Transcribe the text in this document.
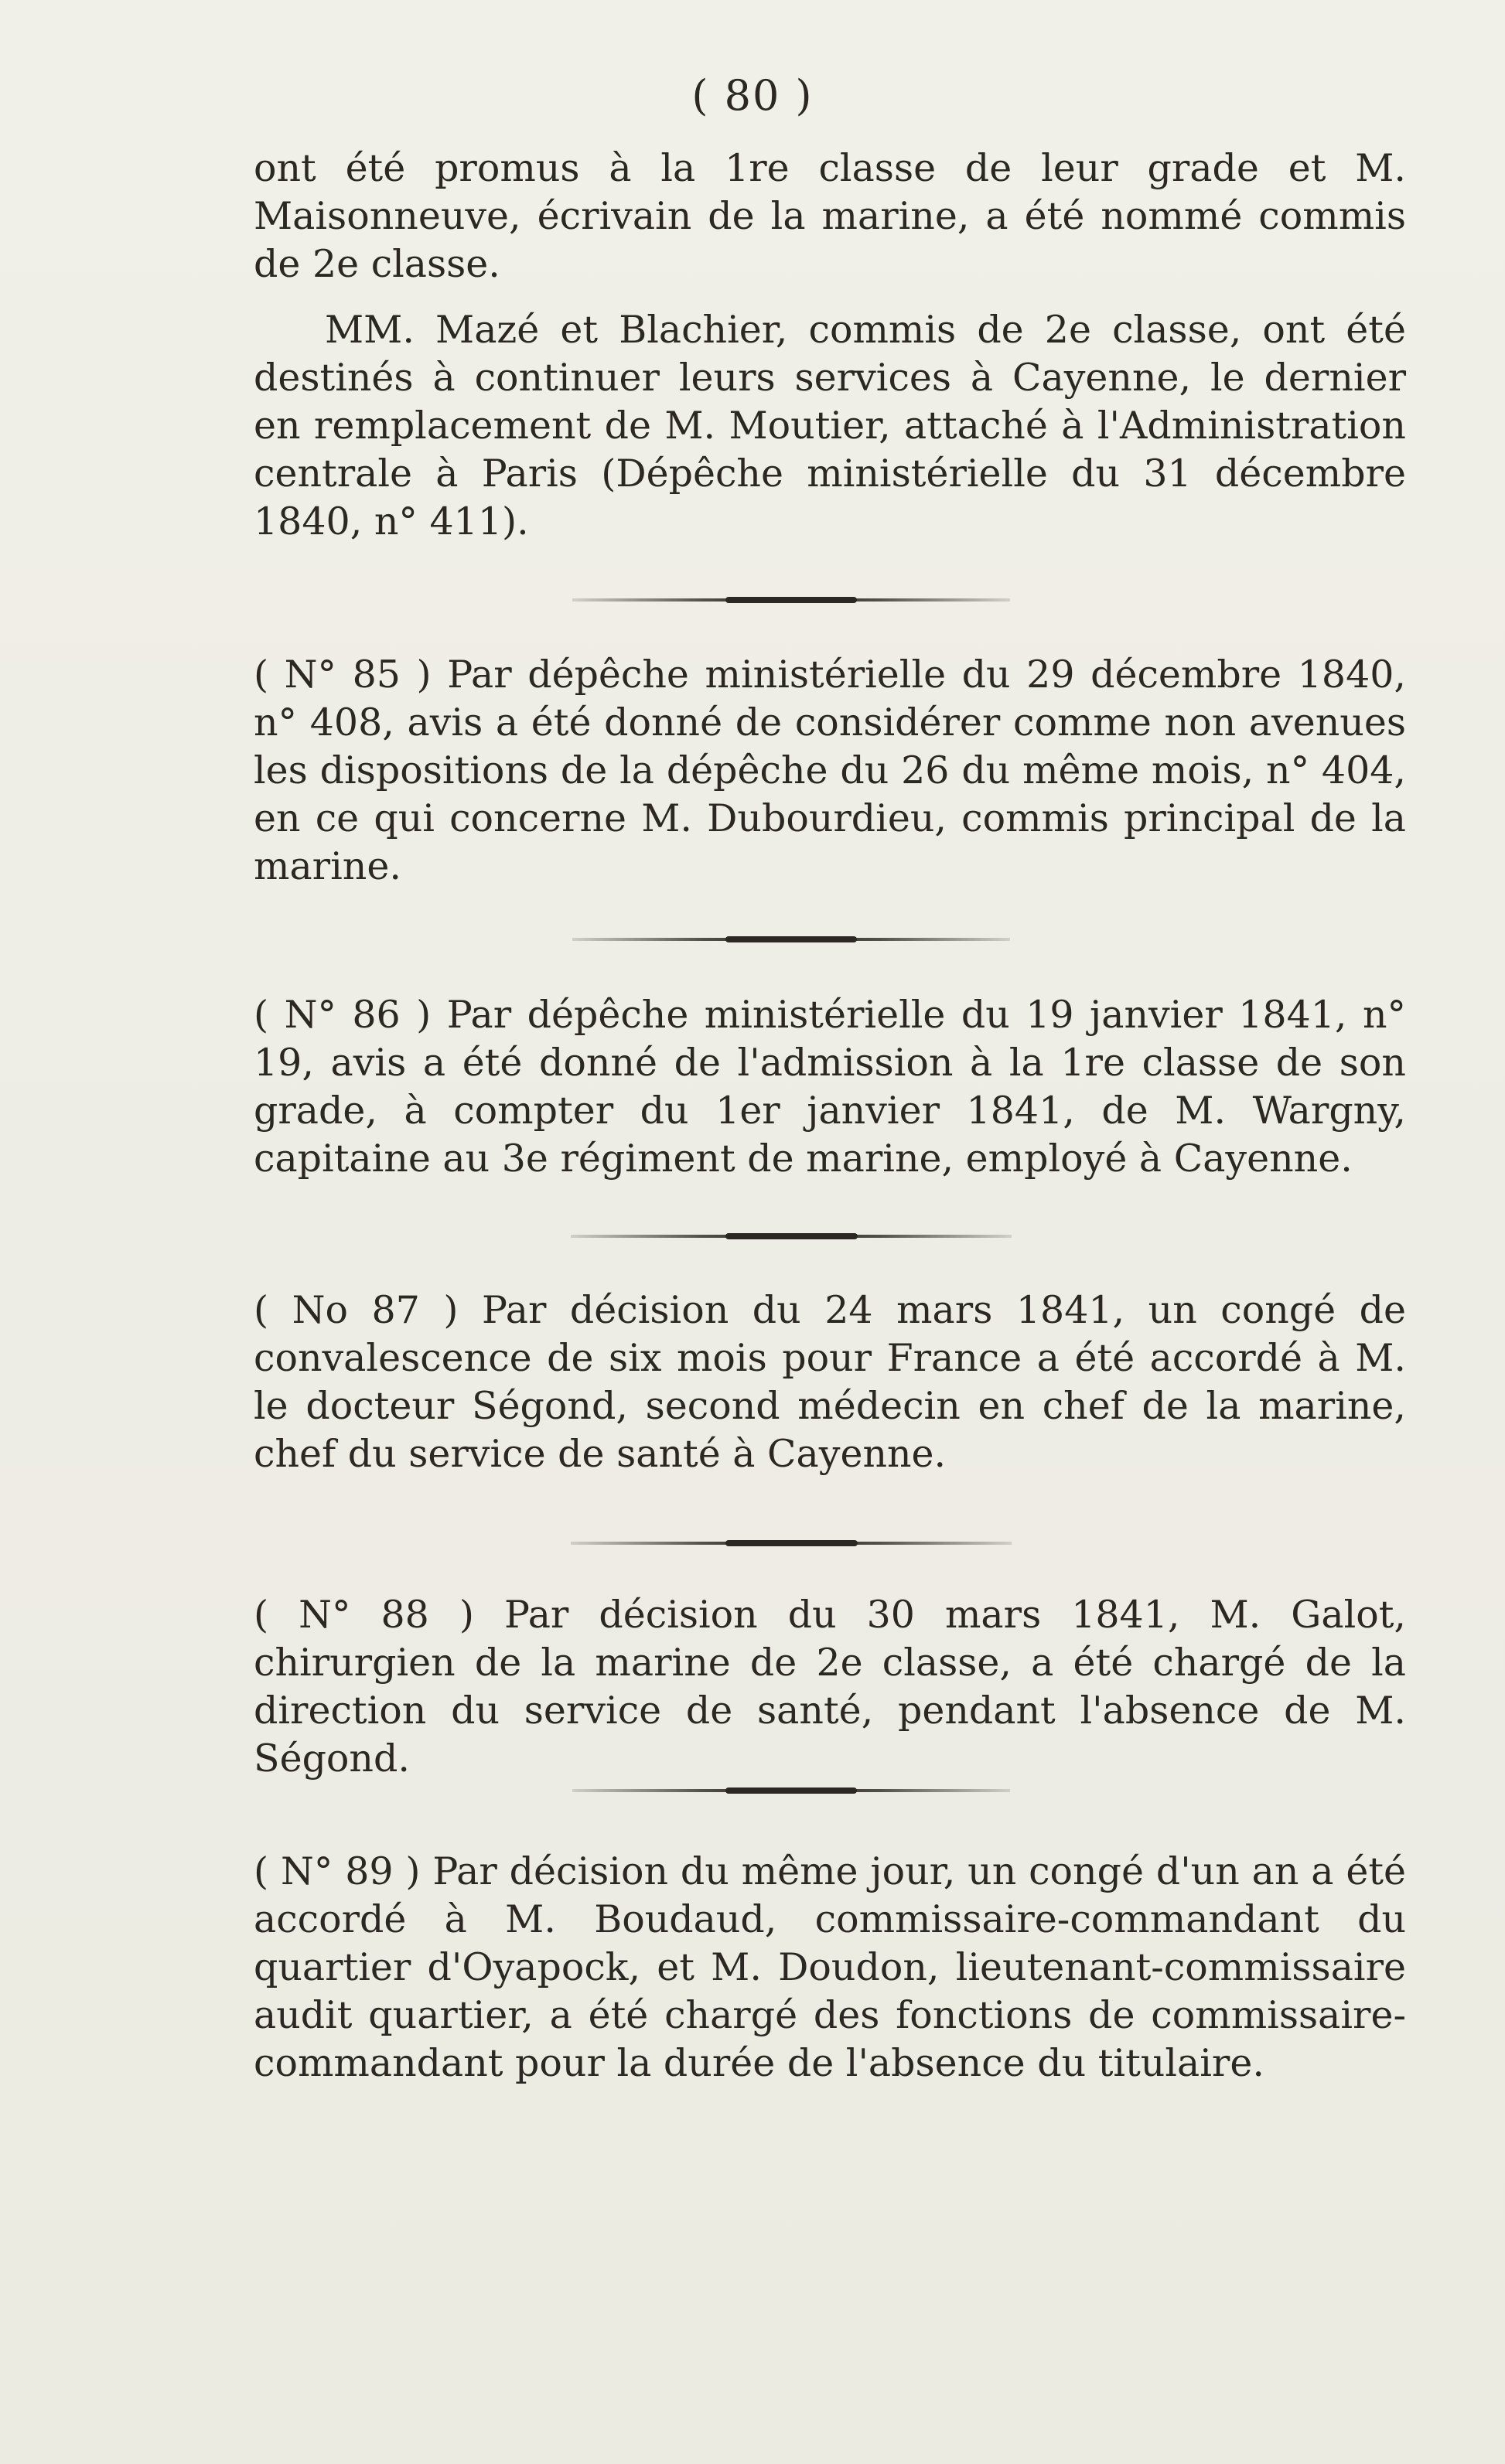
( 80 )

ont été promus à la 1re classe de leur grade et M. Maisonneuve, écrivain de la marine, a été nommé commis de 2e classe.

MM. Mazé et Blachier, commis de 2e classe, ont été destinés à continuer leurs services à Cayenne, le dernier en remplacement de M. Moutier, attaché à l'Administration centrale à Paris (Dépêche ministérielle du 31 décembre 1840, n° 411).

( N° 85 ) Par dépêche ministérielle du 29 décembre 1840, n° 408, avis a été donné de considérer comme non avenues les dispositions de la dépêche du 26 du même mois, n° 404, en ce qui concerne M. Dubourdieu, commis principal de la marine.

( N° 86 ) Par dépêche ministérielle du 19 janvier 1841, n° 19, avis a été donné de l'admission à la 1re classe de son grade, à compter du 1er janvier 1841, de M. Wargny, capitaine au 3e régiment de marine, employé à Cayenne.

( No 87 ) Par décision du 24 mars 1841, un congé de convalescence de six mois pour France a été accordé à M. le docteur Ségond, second médecin en chef de la marine, chef du service de santé à Cayenne.

( N° 88 ) Par décision du 30 mars 1841, M. Galot, chirurgien de la marine de 2e classe, a été chargé de la direction du service de santé, pendant l'absence de M. Ségond.

( N° 89 ) Par décision du même jour, un congé d'un an a été accordé à M. Boudaud, commissaire-commandant du quartier d'Oyapock, et M. Doudon, lieutenant-commissaire audit quartier, a été chargé des fonctions de commissaire-commandant pour la durée de l'absence du titulaire.
